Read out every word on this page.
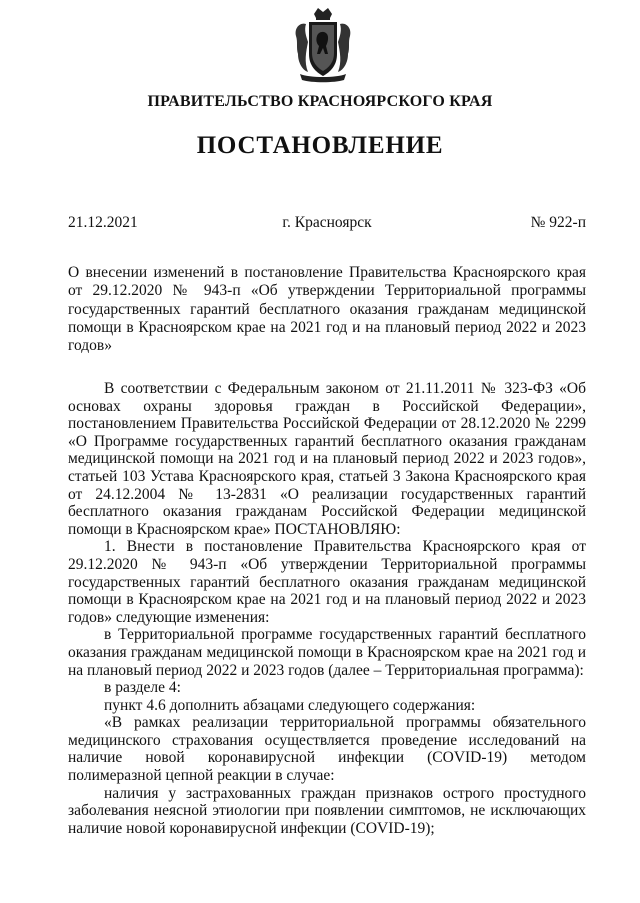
ПРАВИТЕЛЬСТВО КРАСНОЯРСКОГО КРАЯ
ПОСТАНОВЛЕНИЕ
21.12.2021	г. Красноярск	№ 922-п
О внесении изменений в постановление Правительства Красноярского края от 29.12.2020 № 943-п «Об утверждении Территориальной программы государственных гарантий бесплатного оказания гражданам медицинской помощи в Красноярском крае на 2021 год и на плановый период 2022 и 2023 годов»

В соответствии с Федеральным законом от 21.11.2011 № 323-ФЗ «Об основах охраны здоровья граждан в Российской Федерации», постановлением Правительства Российской Федерации от 28.12.2020 № 2299 «О Программе государственных гарантий бесплатного оказания гражданам медицинской помощи на 2021 год и на плановый период 2022 и 2023 годов», статьей 103 Устава Красноярского края, статьей 3 Закона Красноярского края от 24.12.2004 № 13-2831 «О реализации государственных гарантий бесплатного оказания гражданам Российской Федерации медицинской помощи в Красноярском крае» ПОСТАНОВЛЯЮ:

1. Внести в постановление Правительства Красноярского края от 29.12.2020 № 943-п «Об утверждении Территориальной программы государственных гарантий бесплатного оказания гражданам медицинской помощи в Красноярском крае на 2021 год и на плановый период 2022 и 2023 годов» следующие изменения:

в Территориальной программе государственных гарантий бесплатного оказания гражданам медицинской помощи в Красноярском крае на 2021 год и на плановый период 2022 и 2023 годов (далее – Территориальная программа):

в разделе 4:

пункт 4.6 дополнить абзацами следующего содержания:

«В рамках реализации территориальной программы обязательного медицинского страхования осуществляется проведение исследований на наличие новой коронавирусной инфекции (COVID-19) методом полимеразной цепной реакции в случае:

наличия у застрахованных граждан признаков острого простудного заболевания неясной этиологии при появлении симптомов, не исключающих наличие новой коронавирусной инфекции (COVID-19);
